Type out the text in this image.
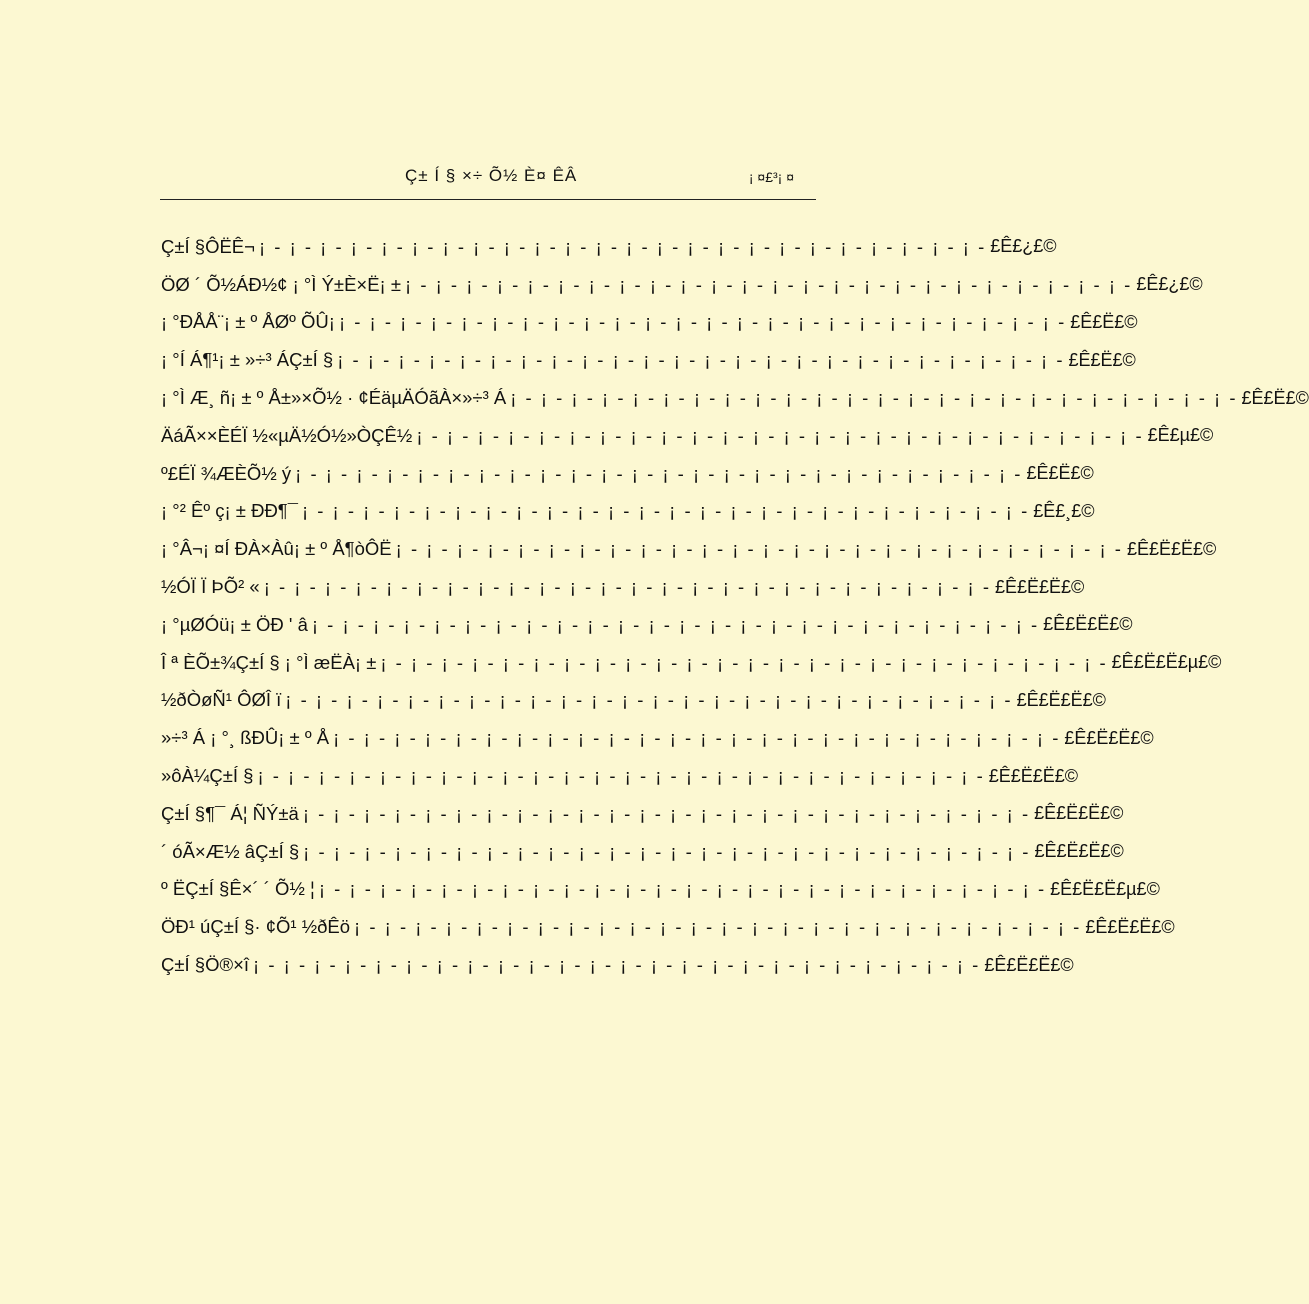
Ç± Í § ×÷ Õ½ È¤ ÊÂ	¡ ¤£³¡ ¤
Ç±Í §ÔËÊ¬ ¡ - ¡ - ¡ - ¡ - ¡ - ¡ - ¡ - ¡ - ¡ - ¡ - ¡ - ¡ - ¡ - ¡ - ¡ - ¡ - ¡ - ¡ - ¡ - ¡ - ¡ - ¡ - ¡ - ¡ - £Ê£¿£©
ÖØ ´ Õ½ÁÐ½¢ ¡ °Ì Ý±È×Ë¡ ± ¡ - ¡ - ¡ - ¡ - ¡ - ¡ - ¡ - ¡ - ¡ - ¡ - ¡ - ¡ - ¡ - ¡ - ¡ - ¡ - ¡ - ¡ - ¡ - ¡ - ¡ - ¡ - ¡ - ¡ - £Ê£¿£©
¡ °ÐÅÅ¨¡ ± º ÅØº ÕÛ¡ ¡ - ¡ - ¡ - ¡ - ¡ - ¡ - ¡ - ¡ - ¡ - ¡ - ¡ - ¡ - ¡ - ¡ - ¡ - ¡ - ¡ - ¡ - ¡ - ¡ - ¡ - ¡ - ¡ - ¡ - £Ê£Ë£©
¡ °Í Á¶¹¡ ± »÷³ ÁÇ±Í § ¡ - ¡ - ¡ - ¡ - ¡ - ¡ - ¡ - ¡ - ¡ - ¡ - ¡ - ¡ - ¡ - ¡ - ¡ - ¡ - ¡ - ¡ - ¡ - ¡ - ¡ - ¡ - ¡ - ¡ - £Ê£Ë£©
¡ °Ì Æ¸ ñ¡ ± º Å±»×Õ½ · ¢ÉäµÄÓãÀ×»÷³ Á ¡ - ¡ - ¡ - ¡ - ¡ - ¡ - ¡ - ¡ - ¡ - ¡ - ¡ - ¡ - ¡ - ¡ - ¡ - ¡ - ¡ - ¡ - ¡ - ¡ - ¡ - ¡ - ¡ - ¡ - £Ê£Ë£©
ÄáÃ××ÈÉÏ ½«µÄ½Ó½»ÒÇÊ½ ¡ - ¡ - ¡ - ¡ - ¡ - ¡ - ¡ - ¡ - ¡ - ¡ - ¡ - ¡ - ¡ - ¡ - ¡ - ¡ - ¡ - ¡ - ¡ - ¡ - ¡ - ¡ - ¡ - ¡ - £Ê£µ£©
º£ÉÏ ¾ÆÈÕ½ ý ¡ - ¡ - ¡ - ¡ - ¡ - ¡ - ¡ - ¡ - ¡ - ¡ - ¡ - ¡ - ¡ - ¡ - ¡ - ¡ - ¡ - ¡ - ¡ - ¡ - ¡ - ¡ - ¡ - ¡ - £Ê£Ë£©
¡ °² Êº ç¡ ± ÐÐ¶¯ ¡ - ¡ - ¡ - ¡ - ¡ - ¡ - ¡ - ¡ - ¡ - ¡ - ¡ - ¡ - ¡ - ¡ - ¡ - ¡ - ¡ - ¡ - ¡ - ¡ - ¡ - ¡ - ¡ - ¡ - £Ê£¸£©
¡ °Â¬¡ ¤Í ÐÀ×Àû¡ ± º Å¶òÔË ¡ - ¡ - ¡ - ¡ - ¡ - ¡ - ¡ - ¡ - ¡ - ¡ - ¡ - ¡ - ¡ - ¡ - ¡ - ¡ - ¡ - ¡ - ¡ - ¡ - ¡ - ¡ - ¡ - ¡ - £Ê£Ë£Ë£©
½ÓÏ Ï ÞÕ² « ¡ - ¡ - ¡ - ¡ - ¡ - ¡ - ¡ - ¡ - ¡ - ¡ - ¡ - ¡ - ¡ - ¡ - ¡ - ¡ - ¡ - ¡ - ¡ - ¡ - ¡ - ¡ - ¡ - ¡ - £Ê£Ë£Ë£©
¡ °µØÓü¡ ± ÖÐ ' â ¡ - ¡ - ¡ - ¡ - ¡ - ¡ - ¡ - ¡ - ¡ - ¡ - ¡ - ¡ - ¡ - ¡ - ¡ - ¡ - ¡ - ¡ - ¡ - ¡ - ¡ - ¡ - ¡ - ¡ - £Ê£Ë£Ë£©
Î ª ÈÕ±¾Ç±Í § ¡ °Ì æËÀ¡ ± ¡ - ¡ - ¡ - ¡ - ¡ - ¡ - ¡ - ¡ - ¡ - ¡ - ¡ - ¡ - ¡ - ¡ - ¡ - ¡ - ¡ - ¡ - ¡ - ¡ - ¡ - ¡ - ¡ - ¡ - £Ê£Ë£Ë£µ£©
½ðÒøÑ¹ ÔØÎ ï ¡ - ¡ - ¡ - ¡ - ¡ - ¡ - ¡ - ¡ - ¡ - ¡ - ¡ - ¡ - ¡ - ¡ - ¡ - ¡ - ¡ - ¡ - ¡ - ¡ - ¡ - ¡ - ¡ - ¡ - £Ê£Ë£Ë£©
»÷³ Á ¡ °¸ ßÐÛ¡ ± º Å ¡ - ¡ - ¡ - ¡ - ¡ - ¡ - ¡ - ¡ - ¡ - ¡ - ¡ - ¡ - ¡ - ¡ - ¡ - ¡ - ¡ - ¡ - ¡ - ¡ - ¡ - ¡ - ¡ - ¡ - £Ê£Ë£Ë£©
»ôÀ¼Ç±Í § ¡ - ¡ - ¡ - ¡ - ¡ - ¡ - ¡ - ¡ - ¡ - ¡ - ¡ - ¡ - ¡ - ¡ - ¡ - ¡ - ¡ - ¡ - ¡ - ¡ - ¡ - ¡ - ¡ - ¡ - £Ê£Ë£Ë£©
Ç±Í §¶¯ Á¦ ÑÝ±ä ¡ - ¡ - ¡ - ¡ - ¡ - ¡ - ¡ - ¡ - ¡ - ¡ - ¡ - ¡ - ¡ - ¡ - ¡ - ¡ - ¡ - ¡ - ¡ - ¡ - ¡ - ¡ - ¡ - ¡ - £Ê£Ë£Ë£©
´ óÃ×Æ½ âÇ±Í § ¡ - ¡ - ¡ - ¡ - ¡ - ¡ - ¡ - ¡ - ¡ - ¡ - ¡ - ¡ - ¡ - ¡ - ¡ - ¡ - ¡ - ¡ - ¡ - ¡ - ¡ - ¡ - ¡ - ¡ - £Ê£Ë£Ë£©
º ËÇ±Í §Ê×´ ´ Õ½ ¦ ¡ - ¡ - ¡ - ¡ - ¡ - ¡ - ¡ - ¡ - ¡ - ¡ - ¡ - ¡ - ¡ - ¡ - ¡ - ¡ - ¡ - ¡ - ¡ - ¡ - ¡ - ¡ - ¡ - ¡ - £Ê£Ë£Ë£µ£©
ÖÐ¹ úÇ±Í §· ¢Õ¹ ½ðÊö ¡ - ¡ - ¡ - ¡ - ¡ - ¡ - ¡ - ¡ - ¡ - ¡ - ¡ - ¡ - ¡ - ¡ - ¡ - ¡ - ¡ - ¡ - ¡ - ¡ - ¡ - ¡ - ¡ - ¡ - £Ê£Ë£Ë£©
Ç±Í §Ö®×î ¡ - ¡ - ¡ - ¡ - ¡ - ¡ - ¡ - ¡ - ¡ - ¡ - ¡ - ¡ - ¡ - ¡ - ¡ - ¡ - ¡ - ¡ - ¡ - ¡ - ¡ - ¡ - ¡ - ¡ - £Ê£Ë£Ë£©
